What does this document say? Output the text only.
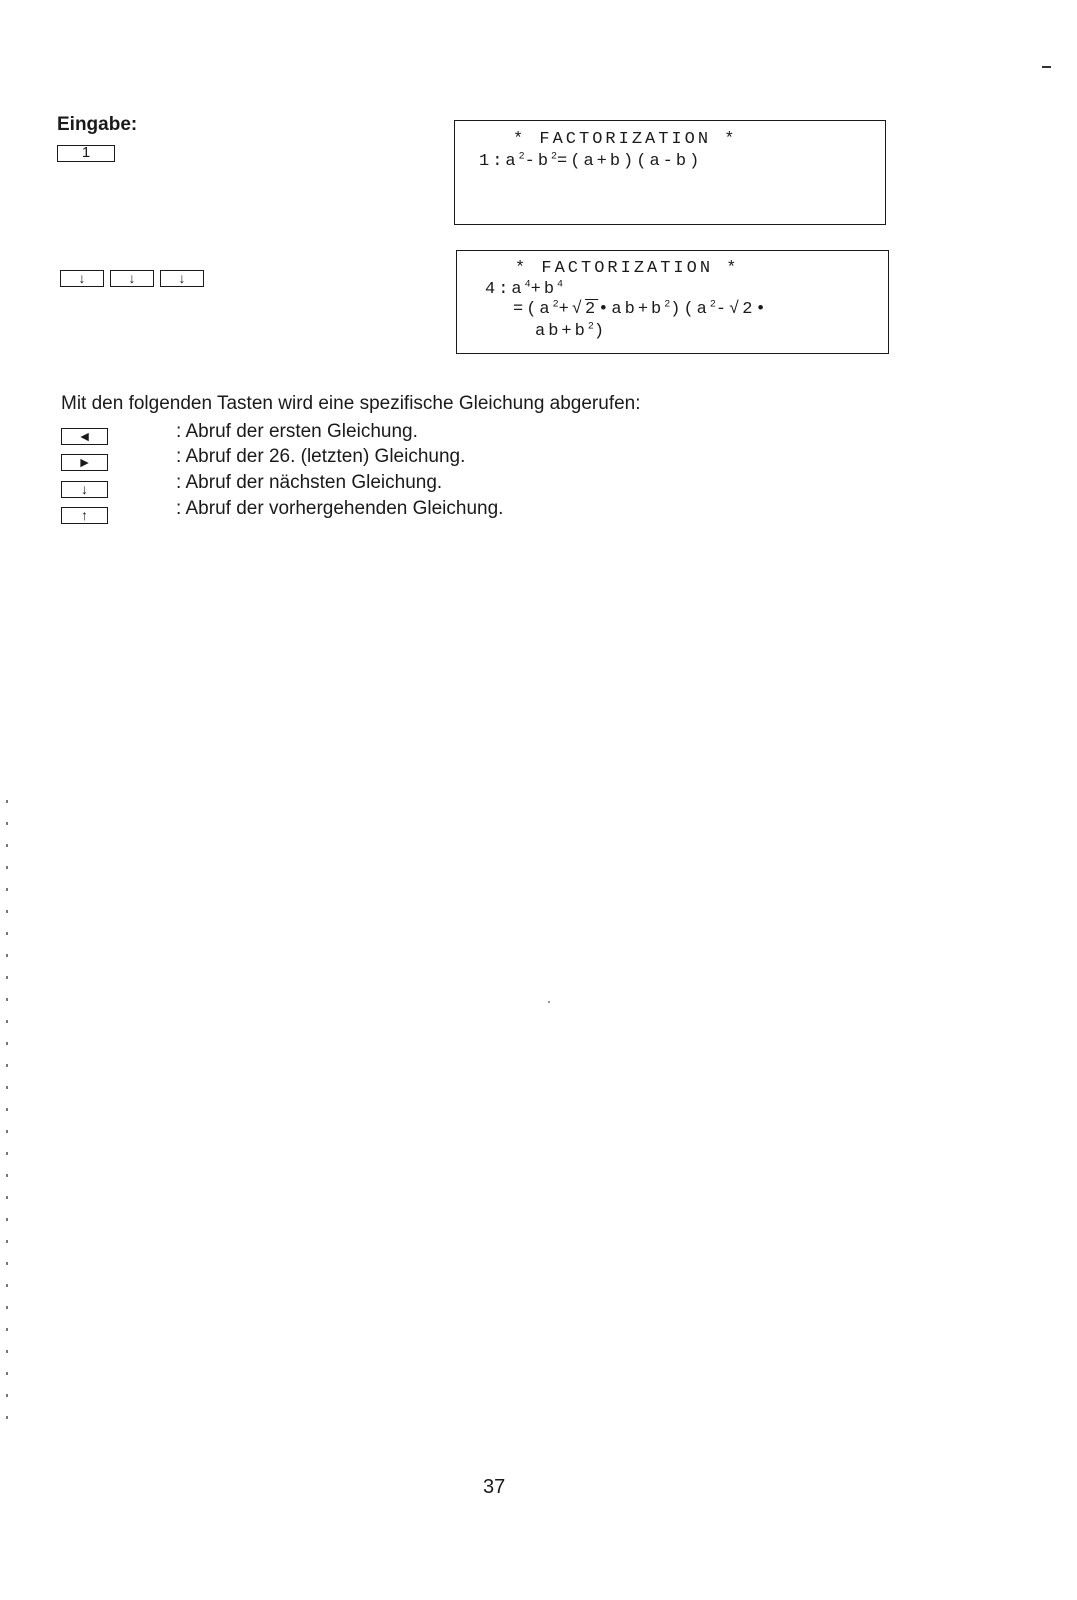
Eingabe:

1
* FACTORIZATION *
$1:a^2-b^2=(a+b)(a-b)$
↓	↓	↓	* FACTORIZATION *
$4:a^4+b^4$
$=(a^2+√2•ab+b^2)(a^2-√2•$
$ab+b^2$)
Mit den folgenden Tasten wird eine spezifische Gleichung abgerufen:
◄	: Abruf der ersten Gleichung.
►	: Abruf der 26. (letzten) Gleichung.
↓	: Abruf der nächsten Gleichung.
↑	: Abruf der vorhergehenden Gleichung.
37
